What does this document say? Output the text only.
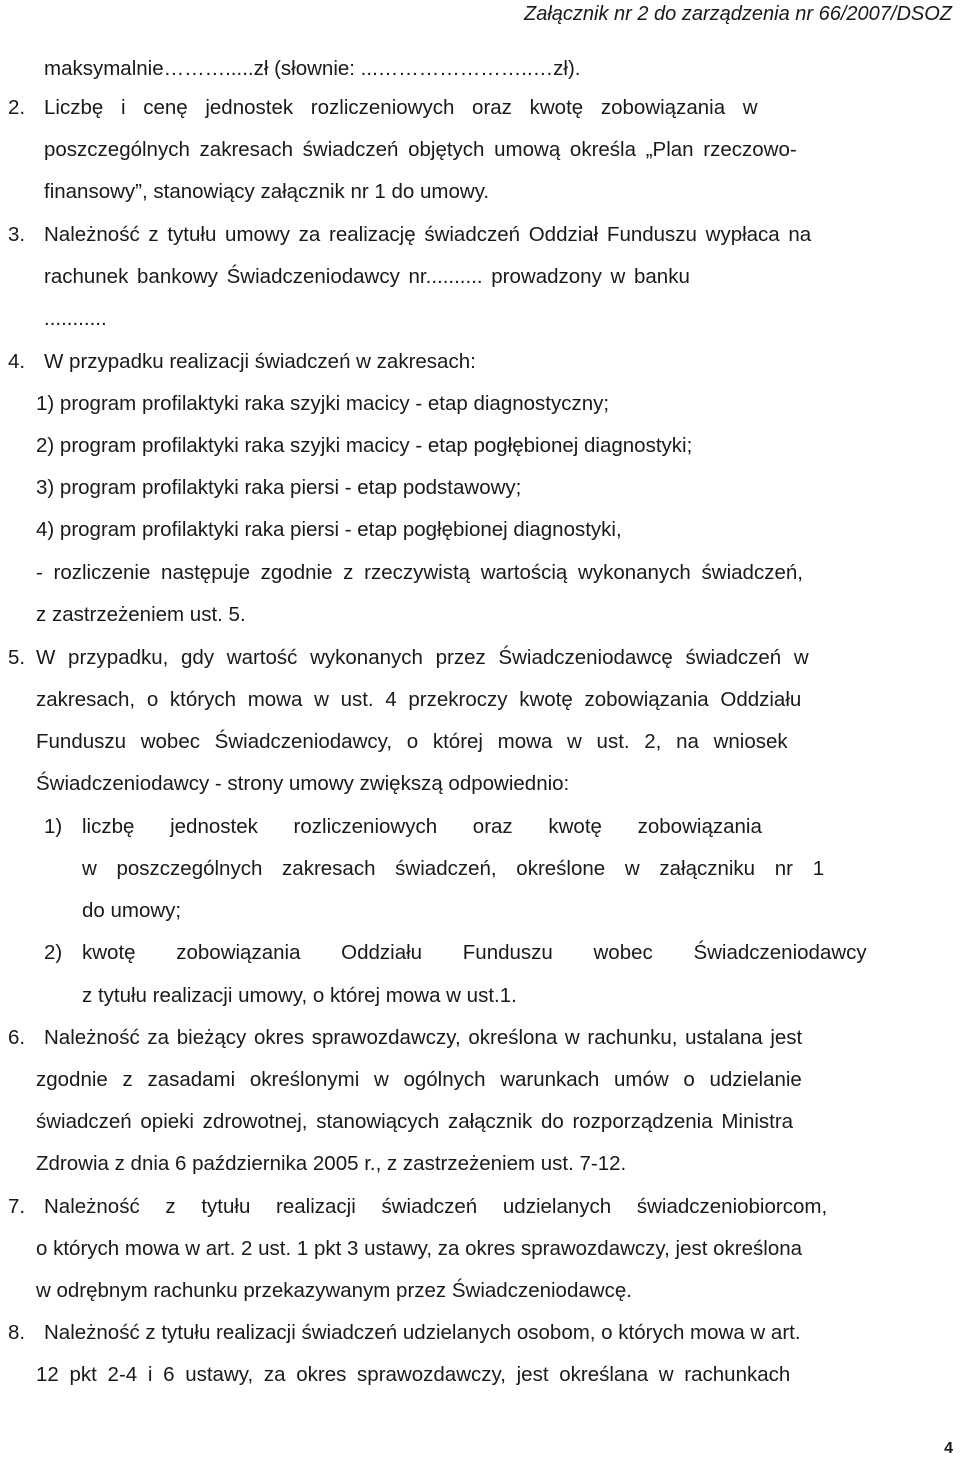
Załącznik nr 2 do zarządzenia nr 66/2007/DSOZ
maksymalnie……….....zł (słownie: ...…………………..…zł).
2. Liczbę i cenę jednostek rozliczeniowych oraz kwotę zobowiązania w
poszczególnych zakresach świadczeń objętych umową określa „Plan rzeczowo-
finansowy”, stanowiący załącznik nr 1 do umowy.
3. Należność z tytułu umowy za realizację świadczeń Oddział Funduszu wypłaca na
rachunek bankowy Świadczeniodawcy nr.......... prowadzony w banku
...........
4. W przypadku realizacji świadczeń w zakresach:
1) program profilaktyki raka szyjki macicy - etap diagnostyczny;
2) program profilaktyki raka szyjki macicy - etap pogłębionej diagnostyki;
3) program profilaktyki raka piersi - etap podstawowy;
4) program profilaktyki raka piersi - etap pogłębionej diagnostyki,
- rozliczenie następuje zgodnie z rzeczywistą wartością wykonanych świadczeń,
z zastrzeżeniem ust. 5.
5. W przypadku, gdy wartość wykonanych przez Świadczeniodawcę świadczeń w
zakresach, o których mowa w ust. 4 przekroczy kwotę zobowiązania Oddziału
Funduszu wobec Świadczeniodawcy, o której mowa w ust. 2, na wniosek
Świadczeniodawcy - strony umowy zwiększą odpowiednio:
1) liczbę jednostek rozliczeniowych oraz kwotę zobowiązania
w poszczególnych zakresach świadczeń, określone w załączniku nr 1
do umowy;
2) kwotę zobowiązania Oddziału Funduszu wobec Świadczeniodawcy
z tytułu realizacji umowy, o której mowa w ust.1.
6. Należność za bieżący okres sprawozdawczy, określona w rachunku, ustalana jest
zgodnie z zasadami określonymi w ogólnych warunkach umów o udzielanie
świadczeń opieki zdrowotnej, stanowiących załącznik do rozporządzenia Ministra
Zdrowia z dnia 6 października 2005 r., z zastrzeżeniem ust. 7-12.
7. Należność z tytułu realizacji świadczeń udzielanych świadczeniobiorcom,
o których mowa w art. 2 ust. 1 pkt 3 ustawy, za okres sprawozdawczy, jest określona
w odrębnym rachunku przekazywanym przez Świadczeniodawcę.
8. Należność z tytułu realizacji świadczeń udzielanych osobom, o których mowa w art.
12 pkt 2-4 i 6 ustawy, za okres sprawozdawczy, jest określana w rachunkach
4
